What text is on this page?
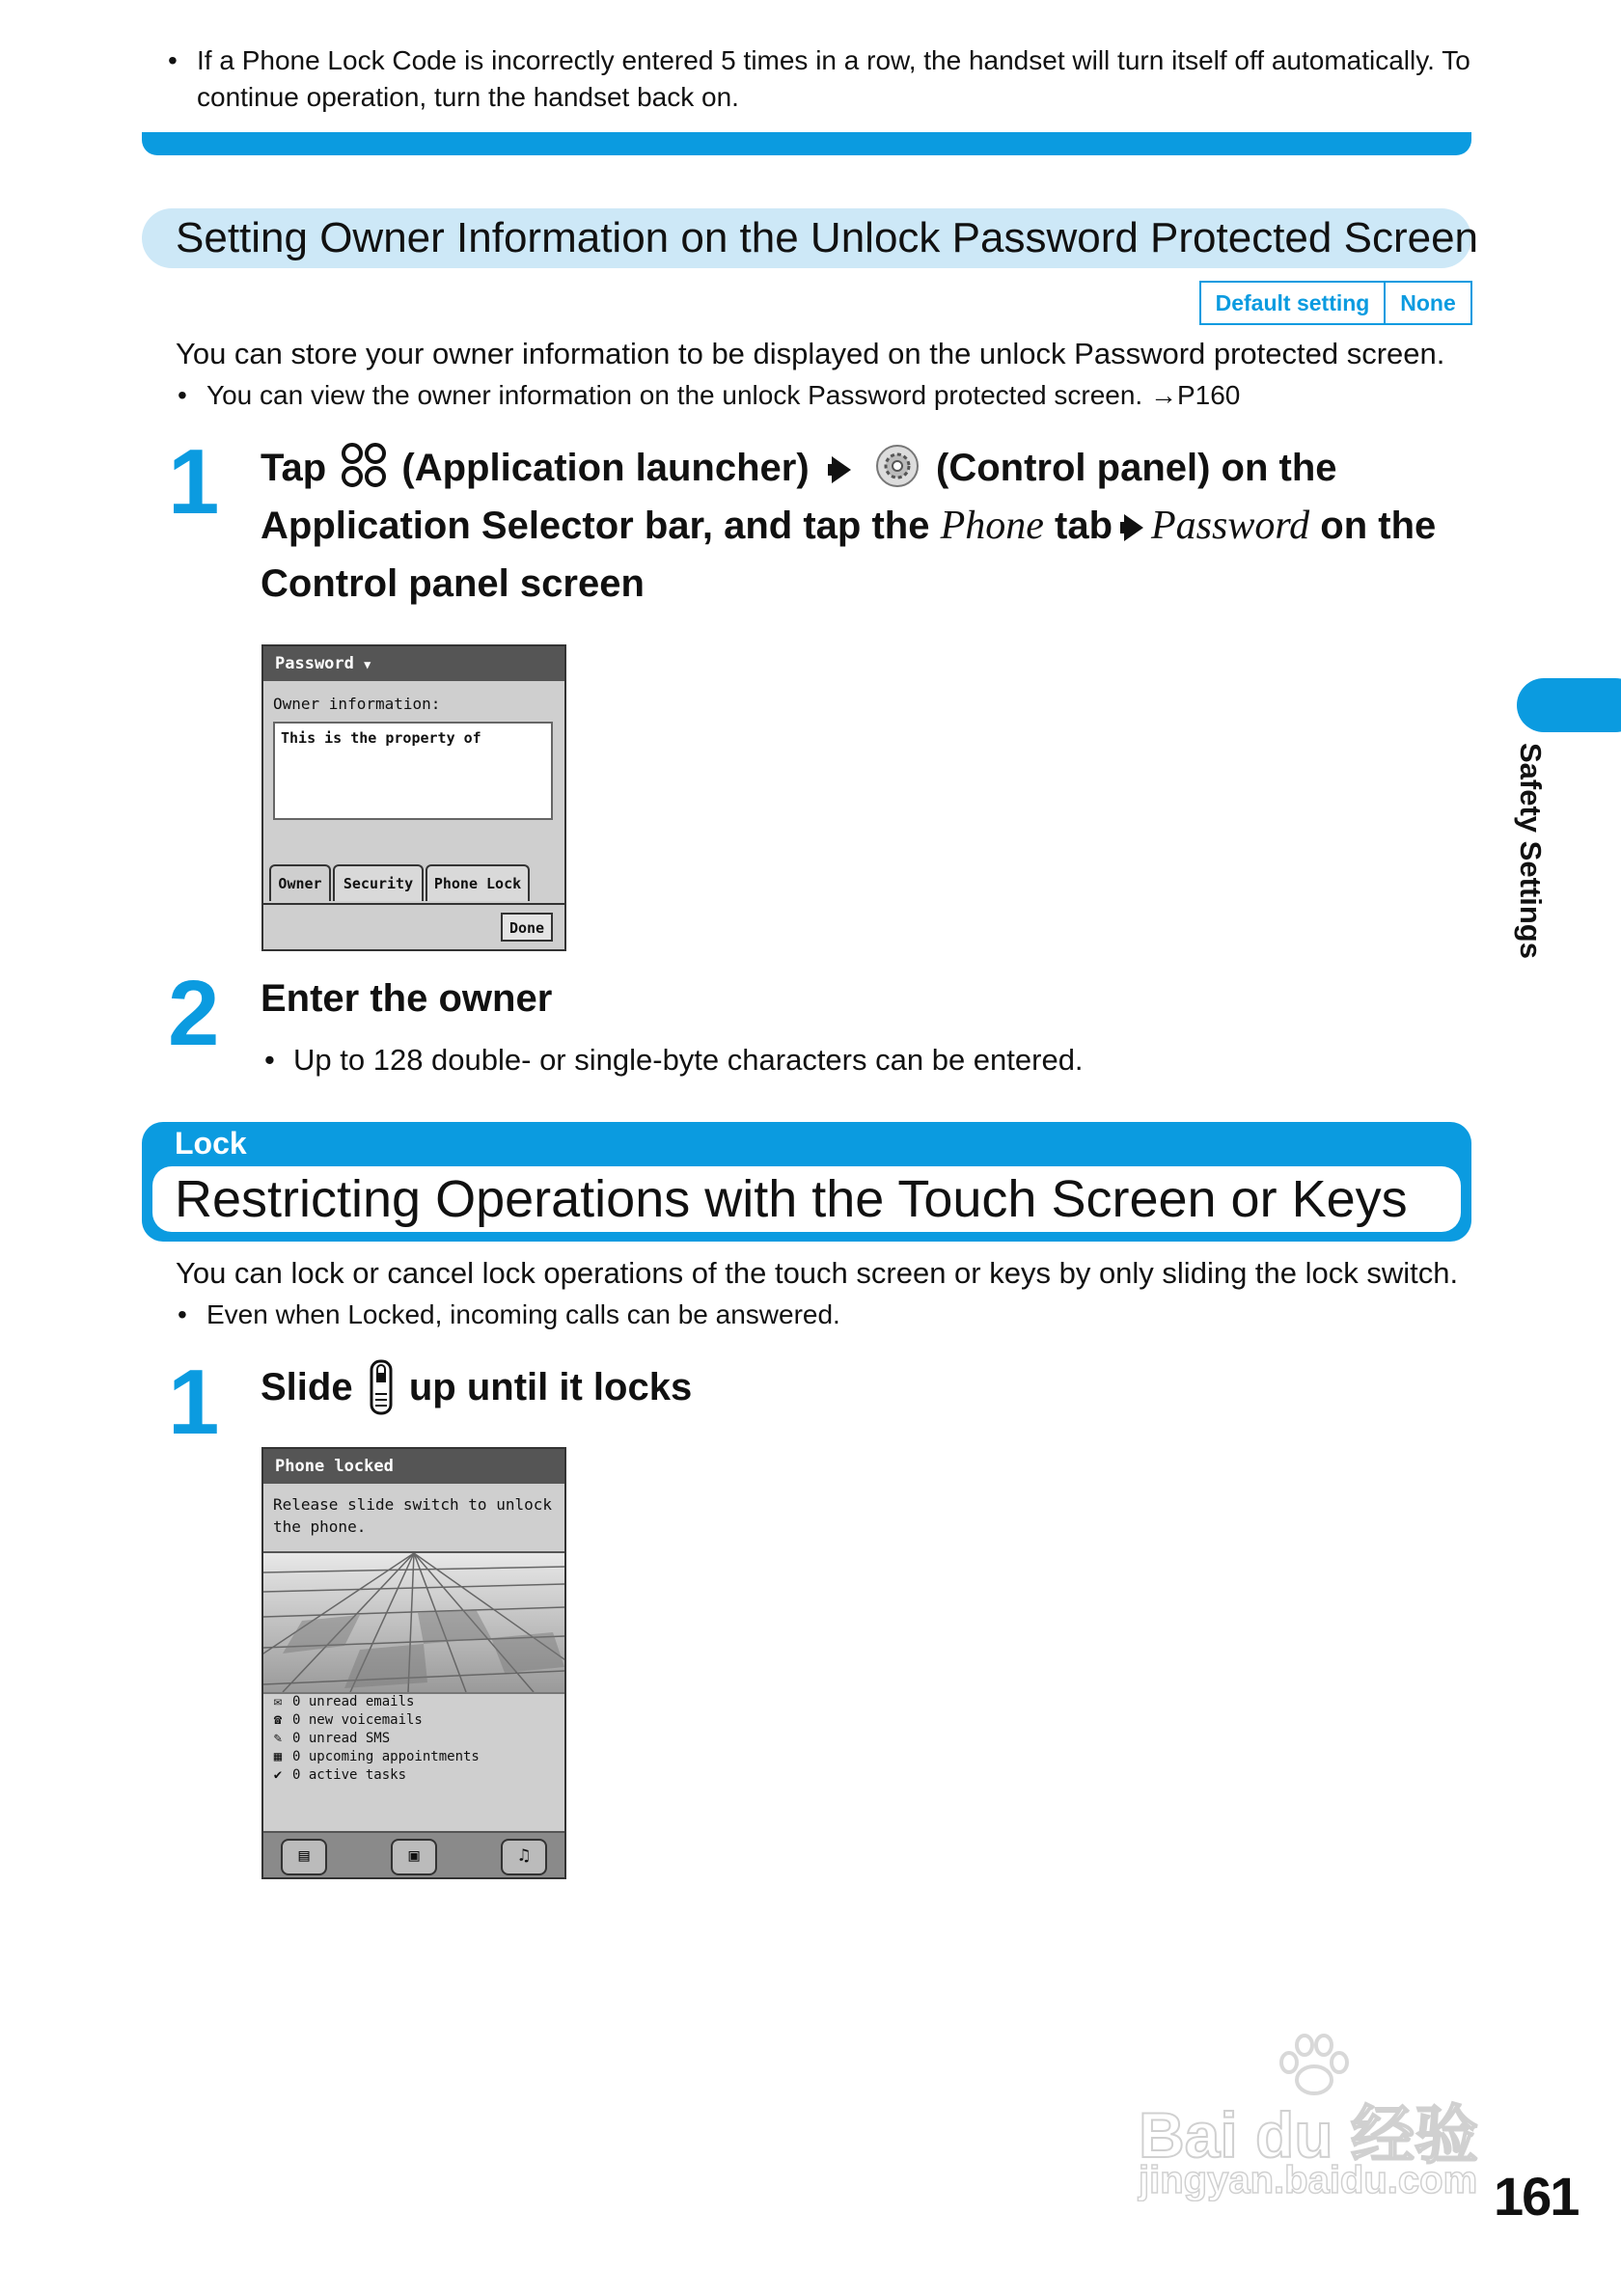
• If a Phone Lock Code is incorrectly entered 5 times in a row, the handset will turn itself off automatically. To
continue operation, turn the handset back on.
Setting Owner Information on the Unlock Password Protected Screen
Default setting	None
You can store your owner information to be displayed on the unlock Password protected screen.
• You can view the owner information on the unlock Password protected screen. →P160
1 Tap (Application launcher)	(Control panel) on the
Application Selector bar, and tap the Phone tab Password on the
Control panel screen
Password ▼
Owner information:
This is the property of
Owner	Security	Phone Lock
Done
2 Enter the owner
• Up to 128 double- or single-byte characters can be entered.
Lock
Restricting Operations with the Touch Screen or Keys
You can lock or cancel lock operations of the touch screen or keys by only sliding the lock switch.
• Even when Locked, incoming calls can be answered.
1 Slide up until it locks
Phone locked
Release slide switch to unlock
the phone.
✉ 0 unread emails
☎ 0 new voicemails
✎ 0 unread SMS
▦ 0 upcoming appointments
✔ 0 active tasks
▤	▣	♫
Safety Settings
Bai du 经验
jingyan.baidu.com 161
